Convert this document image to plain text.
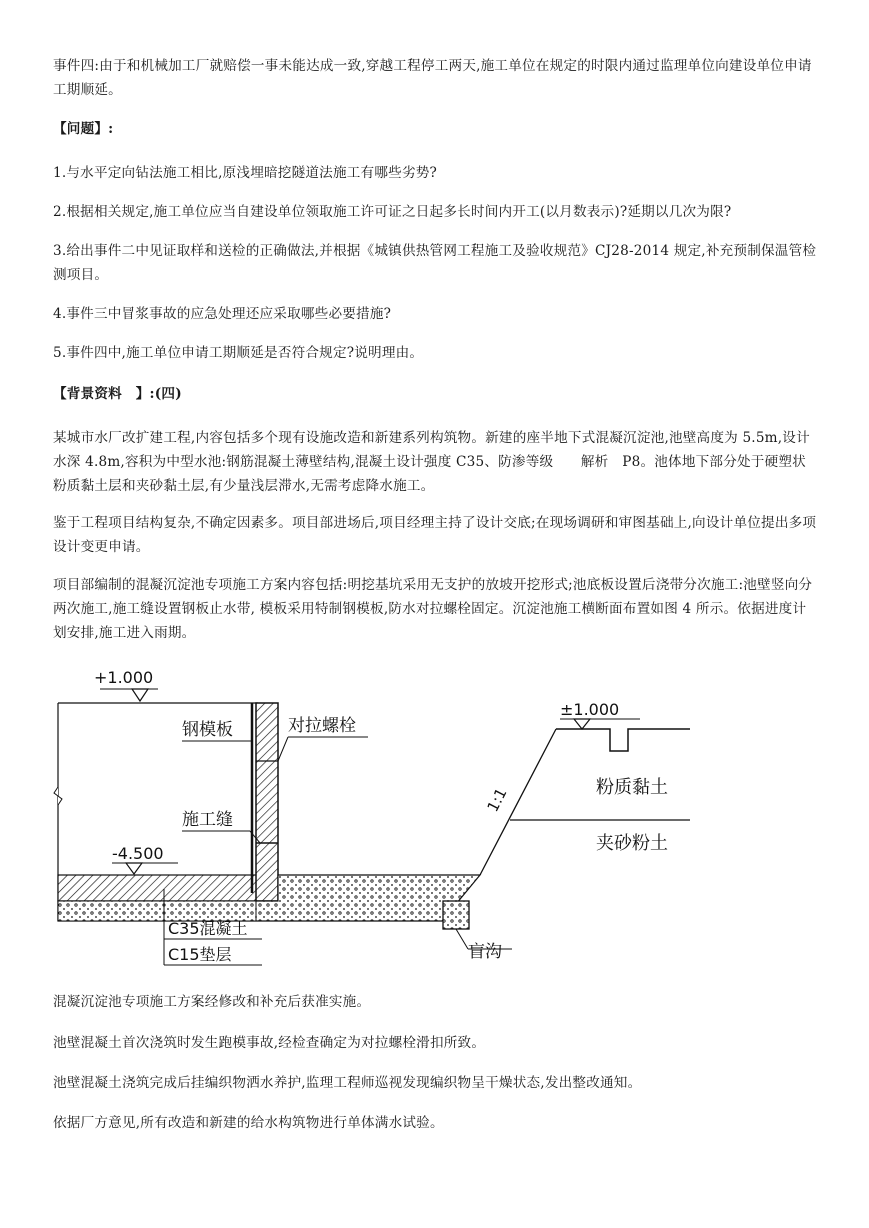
事件四:由于和机械加工厂就赔偿一事未能达成一致,穿越工程停工两天,施工单位在规定的时限内通过监理单位向建设单位申请工期顺延。

【问题】:

1.与水平定向钻法施工相比,原浅埋暗挖隧道法施工有哪些劣势?

2.根据相关规定,施工单位应当自建设单位领取施工许可证之日起多长时间内开工(以月数表示)?延期以几次为限?

3.给出事件二中见证取样和送检的正确做法,并根据《城镇供热管网工程施工及验收规范》CJ28-2014 规定,补充预制保温管检测项目。

4.事件三中冒浆事故的应急处理还应采取哪些必要措施?

5.事件四中,施工单位申请工期顺延是否符合规定?说明理由。

【背景资料　】:(四)

某城市水厂改扩建工程,内容包括多个现有设施改造和新建系列构筑物。新建的座半地下式混凝沉淀池,池壁高度为 5.5m,设计水深 4.8m,容积为中型水池:钢筋混凝土薄壁结构,混凝土设计强度 C35、防渗等级　　解析　P8。池体地下部分处于硬塑状粉质黏土层和夹砂黏土层,有少量浅层滞水,无需考虑降水施工。

鉴于工程项目结构复杂,不确定因素多。项目部进场后,项目经理主持了设计交底;在现场调研和审图基础上,向设计单位提出多项设计变更申请。

项目部编制的混凝沉淀池专项施工方案内容包括:明挖基坑采用无支护的放坡开挖形式;池底板设置后浇带分次施工:池壁竖向分两次施工,施工缝设置钢板止水带, 模板采用特制钢模板,防水对拉螺栓固定。沉淀池施工横断面布置如图 4 所示。依据进度计划安排,施工进入雨期。

+1.000
-4.500
±1.000
钢模板	对拉螺栓
施工缝
C35混凝土
C15垫层	盲沟
1:1	粉质黏土
夹砂粉土

混凝沉淀池专项施工方案经修改和补充后获准实施。

池壁混凝土首次浇筑时发生跑模事故,经检查确定为对拉螺栓滑扣所致。

池壁混凝土浇筑完成后挂编织物洒水养护,监理工程师巡视发现编织物呈干燥状态,发出整改通知。

依据厂方意见,所有改造和新建的给水构筑物进行单体满水试验。
